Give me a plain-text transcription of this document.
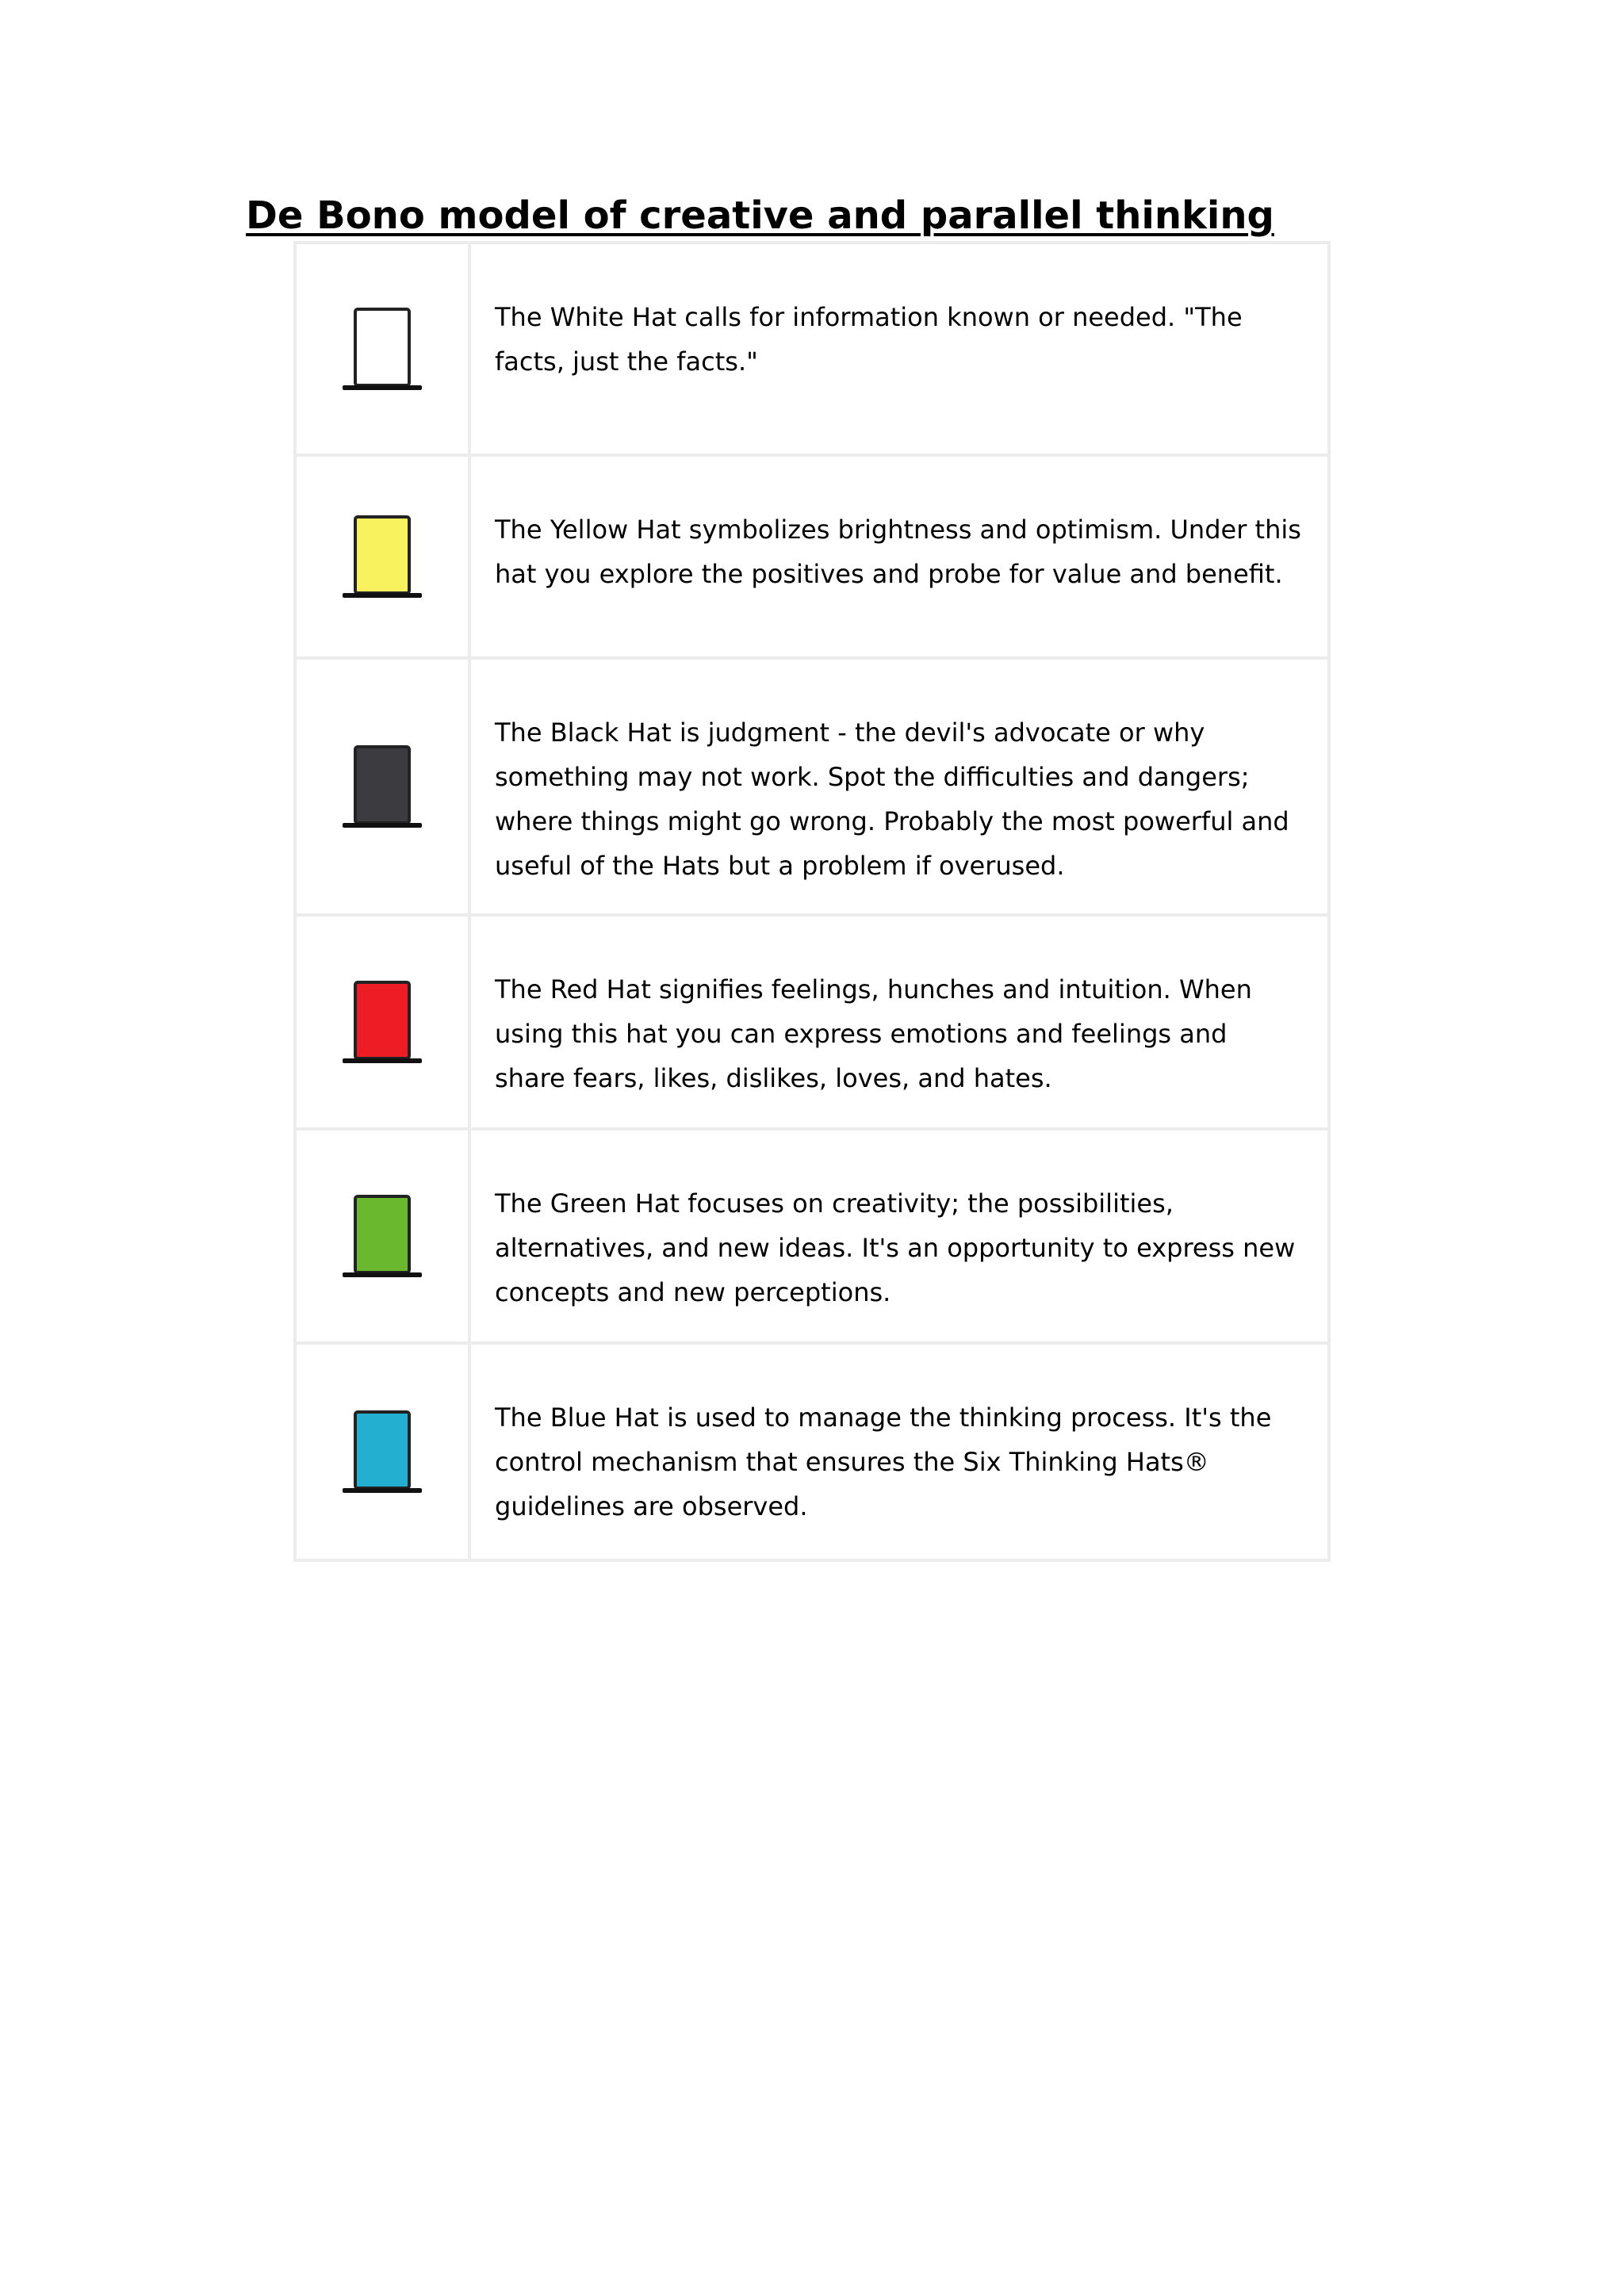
De Bono model of creative and parallel thinking
The White Hat calls for information known or needed. "The facts, just the facts."
The Yellow Hat symbolizes brightness and optimism. Under this hat you explore the positives and probe for value and benefit.
The Black Hat is judgment - the devil's advocate or why something may not work. Spot the difficulties and dangers; where things might go wrong. Probably the most powerful and useful of the Hats but a problem if overused.
The Red Hat signifies feelings, hunches and intuition. When using this hat you can express emotions and feelings and share fears, likes, dislikes, loves, and hates.
The Green Hat focuses on creativity; the possibilities, alternatives, and new ideas. It's an opportunity to express new concepts and new perceptions.
The Blue Hat is used to manage the thinking process. It's the control mechanism that ensures the Six Thinking Hats® guidelines are observed.
